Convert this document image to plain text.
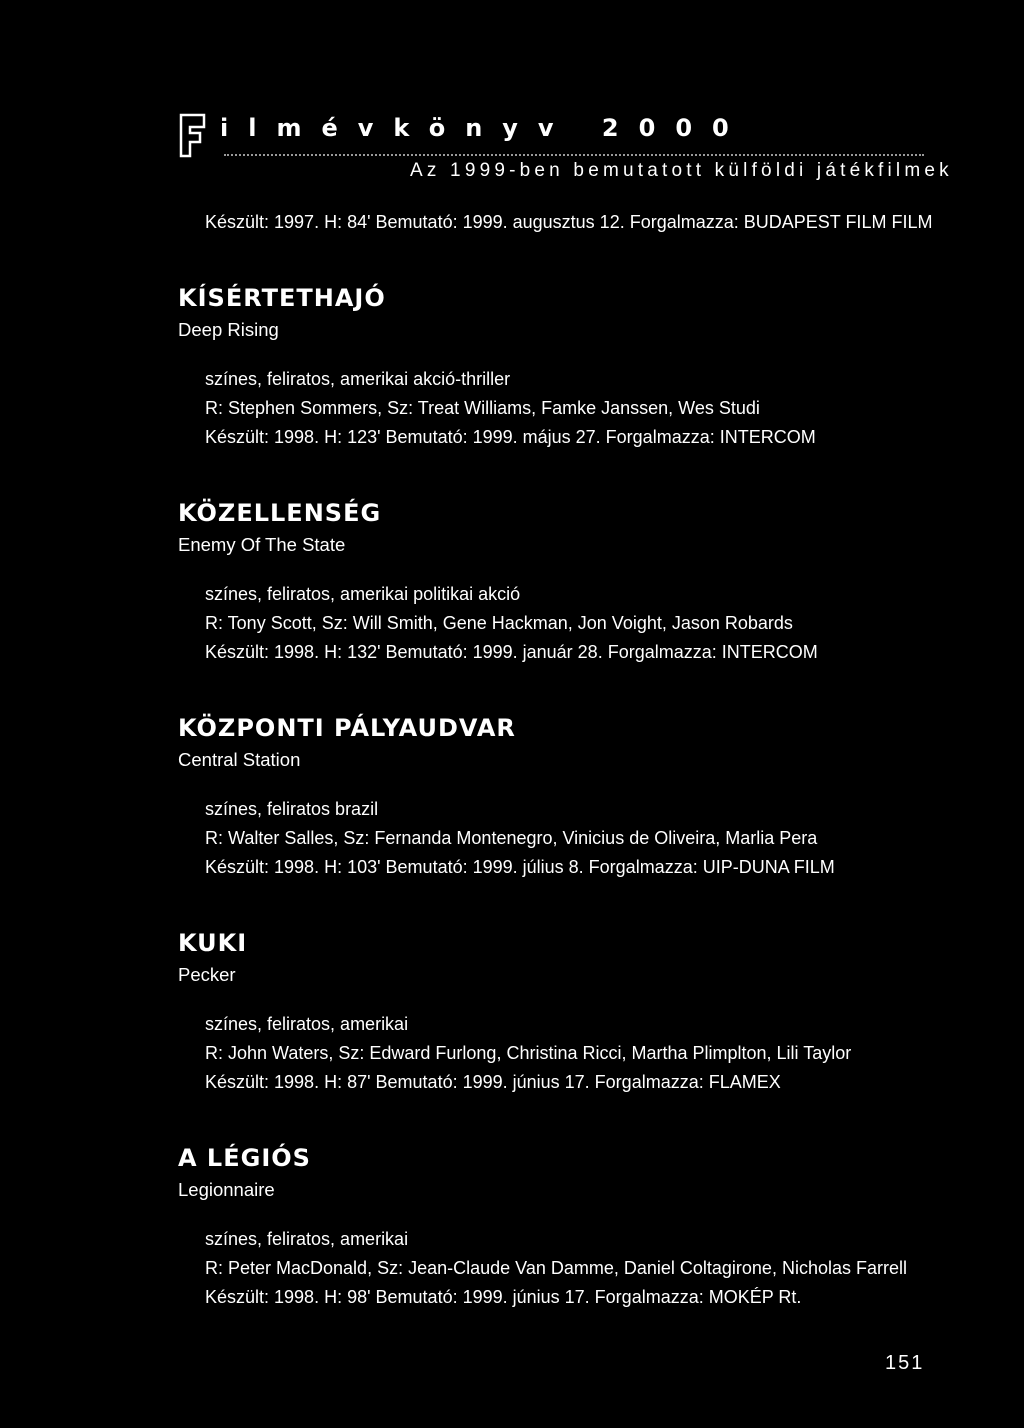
ilmévkönyv 2000

Az 1999-ben bemutatott külföldi játékfilmek

Készült: 1997. H: 84' Bemutató: 1999. augusztus 12. Forgalmazza: BUDAPEST FILM FILM

KÍSÉRTETHAJÓ

Deep Rising

színes, feliratos, amerikai akció-thriller

R: Stephen Sommers, Sz: Treat Williams, Famke Janssen, Wes Studi

Készült: 1998. H: 123' Bemutató: 1999. május 27. Forgalmazza: INTERCOM

KÖZELLENSÉG

Enemy Of The State

színes, feliratos, amerikai politikai akció

R: Tony Scott, Sz: Will Smith, Gene Hackman, Jon Voight, Jason Robards

Készült: 1998. H: 132' Bemutató: 1999. január 28. Forgalmazza: INTERCOM

KÖZPONTI PÁLYAUDVAR

Central Station

színes, feliratos brazil

R: Walter Salles, Sz: Fernanda Montenegro, Vinicius de Oliveira, Marlia Pera

Készült: 1998. H: 103' Bemutató: 1999. július 8. Forgalmazza: UIP-DUNA FILM

KUKI

Pecker

színes, feliratos, amerikai

R: John Waters, Sz: Edward Furlong, Christina Ricci, Martha Plimplton, Lili Taylor

Készült: 1998. H: 87' Bemutató: 1999. június 17. Forgalmazza: FLAMEX

A LÉGIÓS

Legionnaire

színes, feliratos, amerikai

R: Peter MacDonald, Sz: Jean-Claude Van Damme, Daniel Coltagirone, Nicholas Farrell

Készült: 1998. H: 98' Bemutató: 1999. június 17. Forgalmazza: MOKÉP Rt.

151
